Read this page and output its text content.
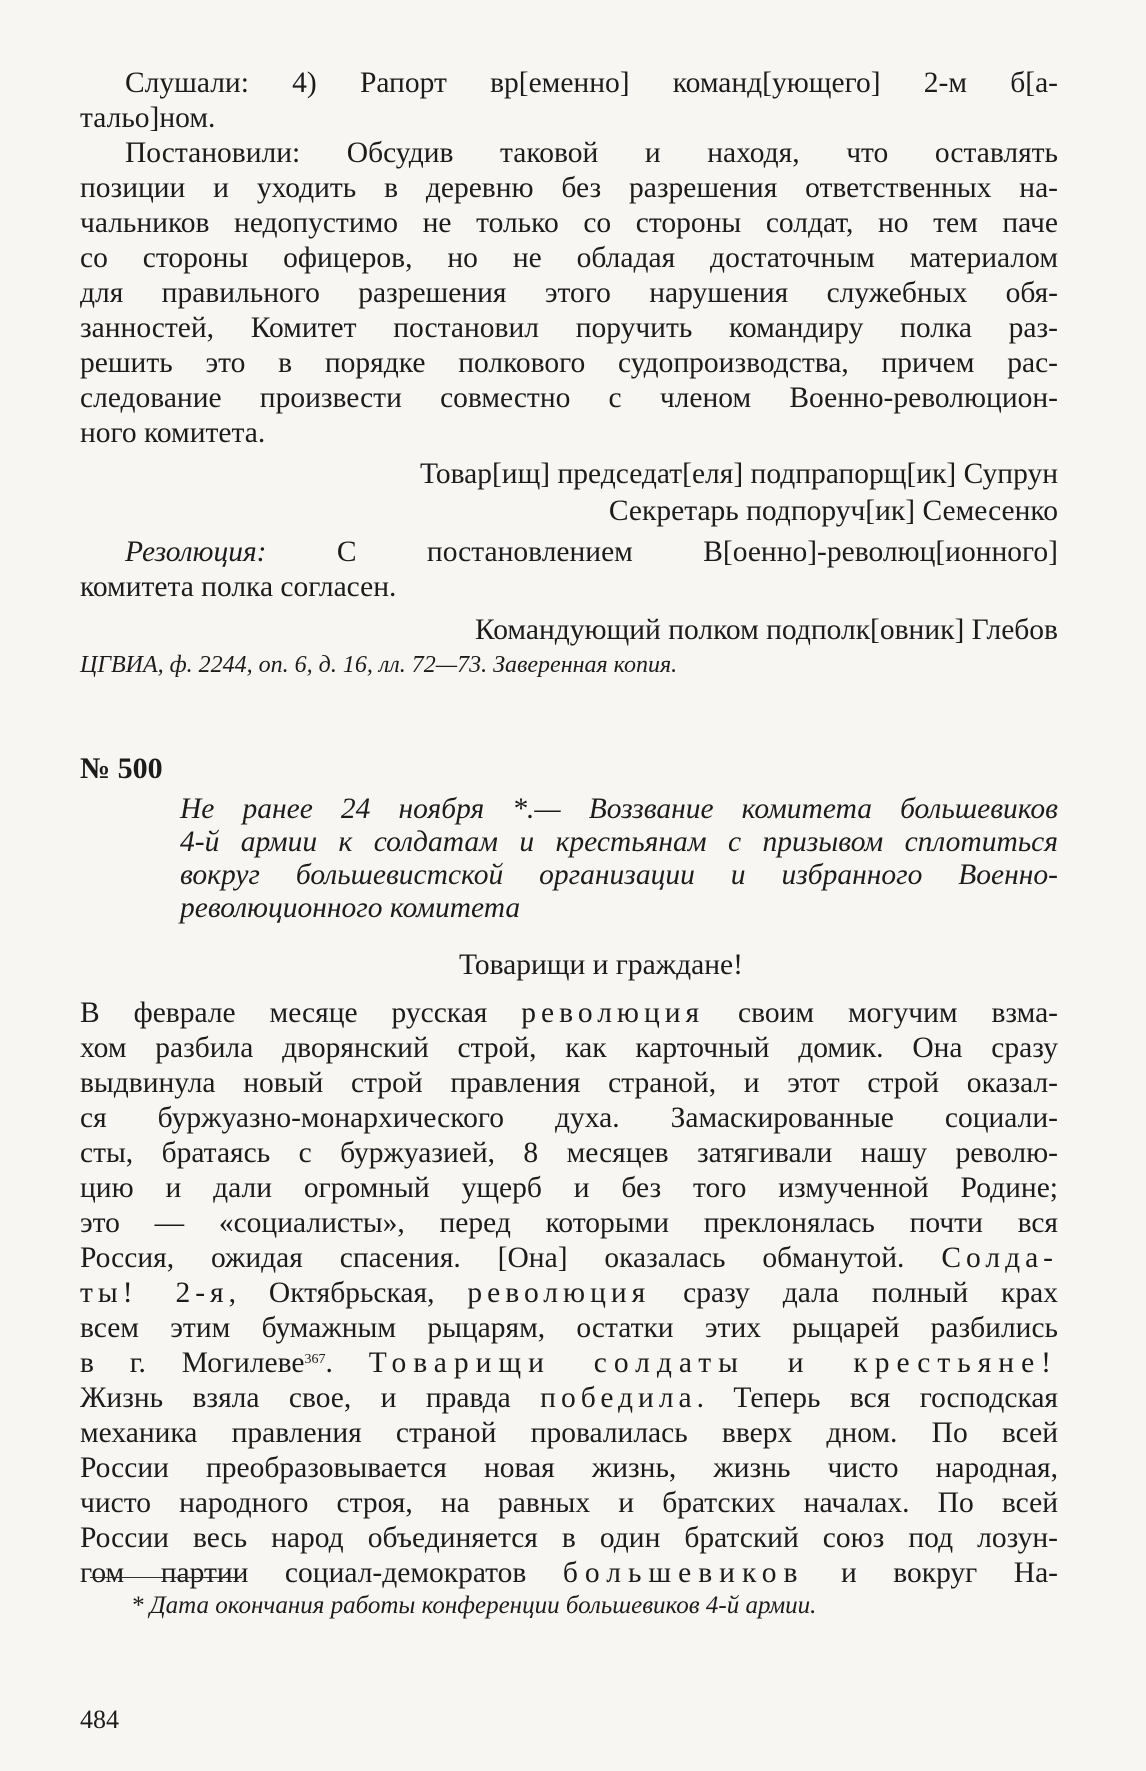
Слушали: 4) Рапорт вр[еменно] команд[ующего] 2-м б[а-
тальо]ном.
Постановили: Обсудив таковой и находя, что оставлять
позиции и уходить в деревню без разрешения ответственных на-
чальников недопустимо не только со стороны солдат, но тем паче
со стороны офицеров, но не обладая достаточным материалом
для правильного разрешения этого нарушения служебных обя-
занностей, Комитет постановил поручить командиру полка раз-
решить это в порядке полкового судопроизводства, причем рас-
следование произвести совместно с членом Военно-революцион-
ного комитета.
Товар[ищ] председат[еля] подпрапорщ[ик] Супрун
Секретарь подпоруч[ик] Семесенко
Резолюция: С постановлением В[оенно]-революц[ионного]
комитета полка согласен.
Командующий полком подполк[овник] Глебов
ЦГВИА, ф. 2244, оп. 6, д. 16, лл. 72—73. Заверенная копия.
№ 500
Не ранее 24 ноября *.— Воззвание комитета большевиков
4-й армии к солдатам и крестьянам с призывом сплотиться
вокруг большевистской организации и избранного Военно-
революционного комитета
Товарищи и граждане!
В феврале месяце русская революция своим могучим взма-
хом разбила дворянский строй, как карточный домик. Она сразу
выдвинула новый строй правления страной, и этот строй оказал-
ся буржуазно-монархического духа. Замаскированные социали-
сты, братаясь с буржуазией, 8 месяцев затягивали нашу револю-
цию и дали огромный ущерб и без того измученной Родине;
это — «социалисты», перед которыми преклонялась почти вся
Россия, ожидая спасения. [Она] оказалась обманутой. Солда-
ты! 2-я, Октябрьская, революция сразу дала полный крах
всем этим бумажным рыцарям, остатки этих рыцарей разбились
в г. Могилеве$^{367}$. Товарищи солдаты и крестьяне!
Жизнь взяла свое, и правда победила. Теперь вся господская
механика правления страной провалилась вверх дном. По всей
России преобразовывается новая жизнь, жизнь чисто народная,
чисто народного строя, на равных и братских началах. По всей
России весь народ объединяется в один братский союз под лозун-
гом партии социал-демократов большевиков и вокруг На-
* Дата окончания работы конференции большевиков 4-й армии.
484
